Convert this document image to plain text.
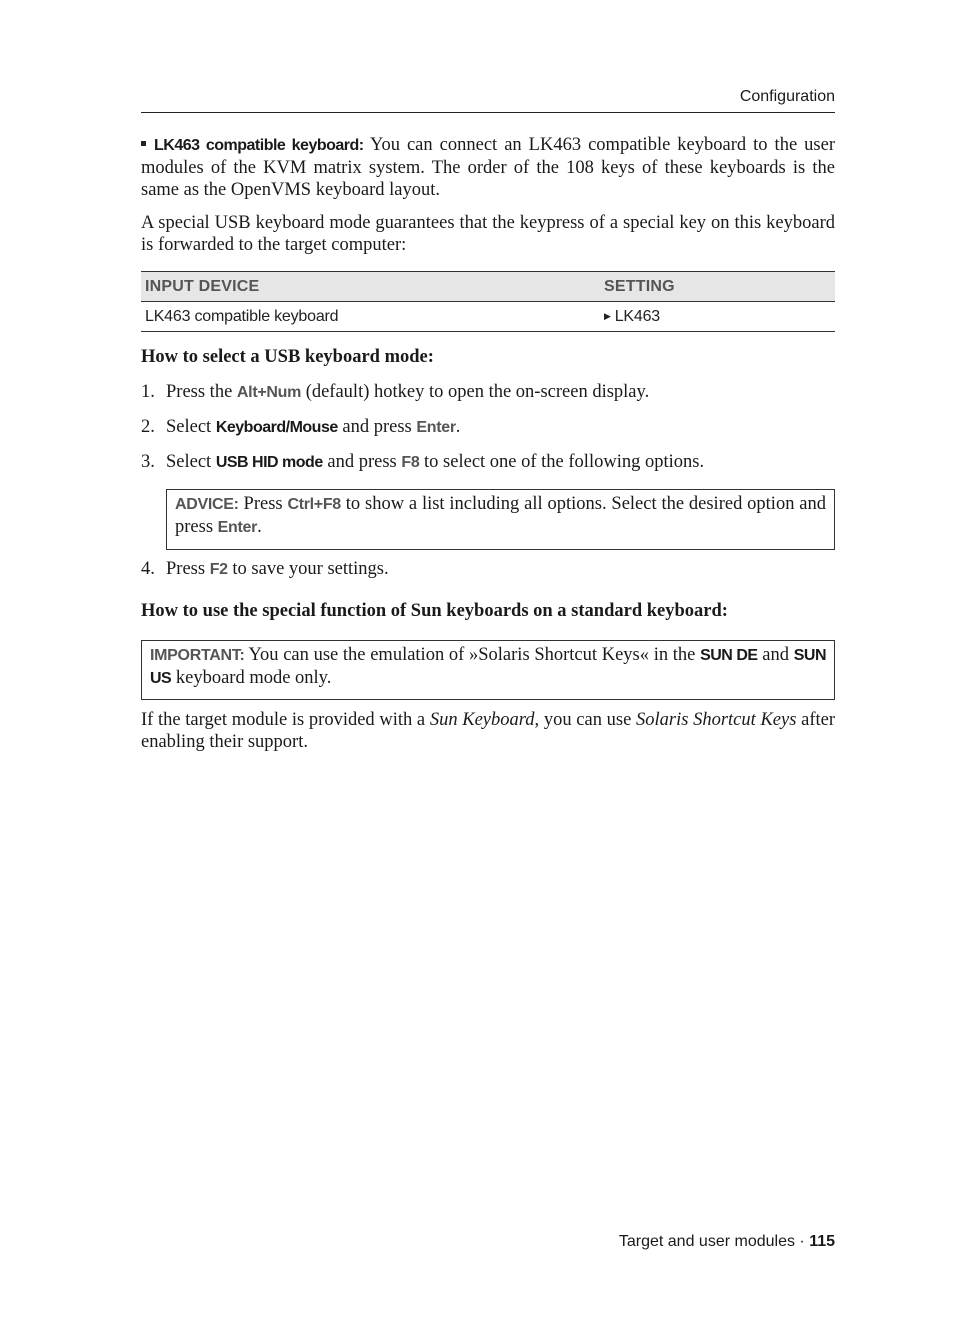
Configuration
LK463 compatible keyboard: You can connect an LK463 compatible keyboard to the user modules of the KVM matrix system. The order of the 108 keys of these keyboards is the same as the OpenVMS keyboard layout.
A special USB keyboard mode guarantees that the keypress of a special key on this keyboard is forwarded to the target computer:
INPUT DEVICE	SETTING
LK463 compatible keyboard	▶ LK463
How to select a USB keyboard mode:
1. Press the Alt+Num (default) hotkey to open the on-screen display.
2. Select Keyboard/Mouse and press Enter.
3. Select USB HID mode and press F8 to select one of the following options.
ADVICE: Press Ctrl+F8 to show a list including all options. Select the desired option and press Enter.
4. Press F2 to save your settings.
How to use the special function of Sun keyboards on a standard keyboard:
IMPORTANT: You can use the emulation of »Solaris Shortcut Keys« in the SUN DE and SUN US keyboard mode only.
If the target module is provided with a Sun Keyboard, you can use Solaris Shortcut Keys after enabling their support.
Target and user modules · 115
